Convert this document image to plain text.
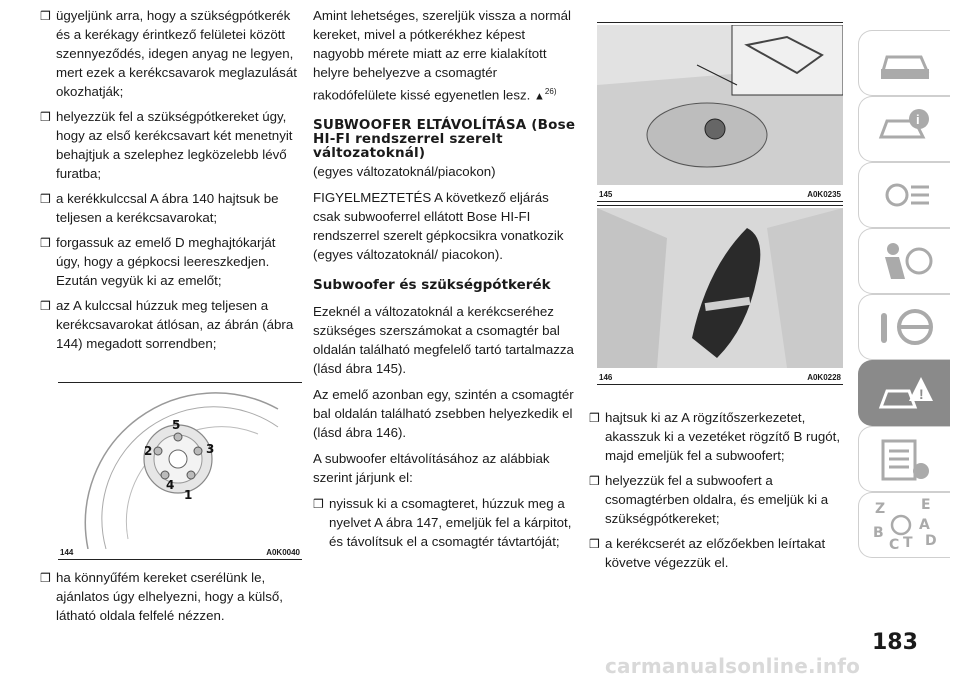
❒ ügyeljünk arra, hogy a szükségpótkerék és a kerékagy érintkező felületei között szennyeződés, idegen anyag ne legyen, mert ezek a kerékcsavarok meglazulását okozhatják;
❒ helyezzük fel a szükségpótkereket úgy, hogy az első kerékcsavart két menetnyit behajtjuk a szelephez legközelebb lévő furatba;
❒ a kerékkulccsal A ábra 140 hajtsuk be teljesen a kerékcsavarokat;
❒ forgassuk az emelő D meghajtókarját úgy, hogy a gépkocsi leereszkedjen. Ezután vegyük ki az emelőt;
❒ az A kulccsal húzzuk meg teljesen a kerékcsavarokat átlósan, az ábrán (ábra 144) megadott sorrendben;
5
2	3
4
1
144	A0K0040
❒ ha könnyűfém kereket cserélünk le, ajánlatos úgy elhelyezni, hogy a külső, látható oldala felfelé nézzen.

Amint lehetséges, szereljük vissza a normál kereket, mivel a pótkerékhez képest nagyobb mérete miatt az erre kialakított helyre behelyezve a csomagtér rakodófelülete kissé egyenetlen lesz. ▲$^{26)}$

SUBWOOFER ELTÁVOLÍTÁSA (Bose HI-FI rendszerrel szerelt változatoknál)

(egyes változatoknál/piacokon)

FIGYELMEZTETÉS A következő eljárás csak subwooferrel ellátott Bose HI-FI rendszerrel szerelt gépkocsikra vonatkozik (egyes változatoknál/ piacokon).

Subwoofer és szükségpótkerék

Ezeknél a változatoknál a kerékcseréhez szükséges szerszámokat a csomagtér bal oldalán található megfelelő tartó tartalmazza (lásd ábra 145).

Az emelő azonban egy, szintén a csomagtér bal oldalán található zsebben helyezkedik el (lásd ábra 146).

A subwoofer eltávolításához az alábbiak szerint járjunk el:

❒ nyissuk ki a csomagteret, húzzuk meg a nyelvet A ábra 147, emeljük fel a kárpitot, és távolítsuk el a csomagtér távtartóját;
145	A0K0235
146	A0K0228
❒ hajtsuk ki az A rögzítőszerkezetet, akasszuk ki a vezetéket rögzítő B rugót, majd emeljük fel a subwoofert;
❒ helyezzük fel a subwoofert a csomagtérben oldalra, és emeljük ki a szükségpótkereket;
❒ a kerékcserét az előzőekben leírtakat követve végezzük el.
i
!
Z	E
B	A
C T D
183
carmanualsonline.info
